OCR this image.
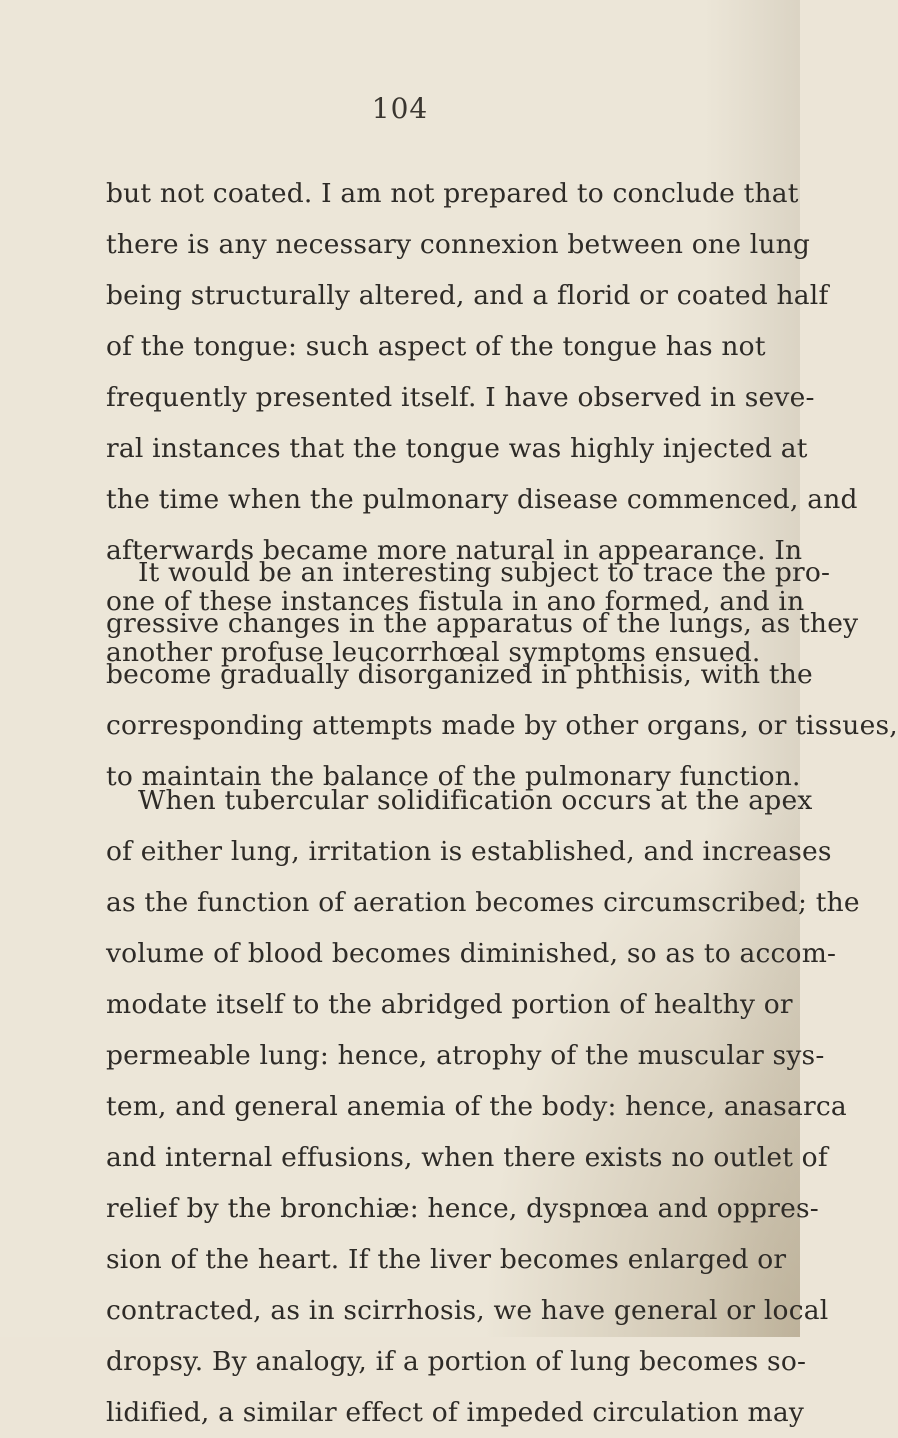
104
but not coated. I am not prepared to conclude that
there is any necessary connexion between one lung
being structurally altered, and a florid or coated half
of the tongue: such aspect of the tongue has not
frequently presented itself. I have observed in seve-
ral instances that the tongue was highly injected at
the time when the pulmonary disease commenced, and
afterwards became more natural in appearance. In
one of these instances fistula in ano formed, and in
another profuse leucorrhœal symptoms ensued.
It would be an interesting subject to trace the pro-
gressive changes in the apparatus of the lungs, as they
become gradually disorganized in phthisis, with the
corresponding attempts made by other organs, or tissues,
to maintain the balance of the pulmonary function.
When tubercular solidification occurs at the apex
of either lung, irritation is established, and increases
as the function of aeration becomes circumscribed; the
volume of blood becomes diminished, so as to accom-
modate itself to the abridged portion of healthy or
permeable lung: hence, atrophy of the muscular sys-
tem, and general anemia of the body: hence, anasarca
and internal effusions, when there exists no outlet of
relief by the bronchiæ: hence, dyspnœa and oppres-
sion of the heart. If the liver becomes enlarged or
contracted, as in scirrhosis, we have general or local
dropsy. By analogy, if a portion of lung becomes so-
lidified, a similar effect of impeded circulation may
